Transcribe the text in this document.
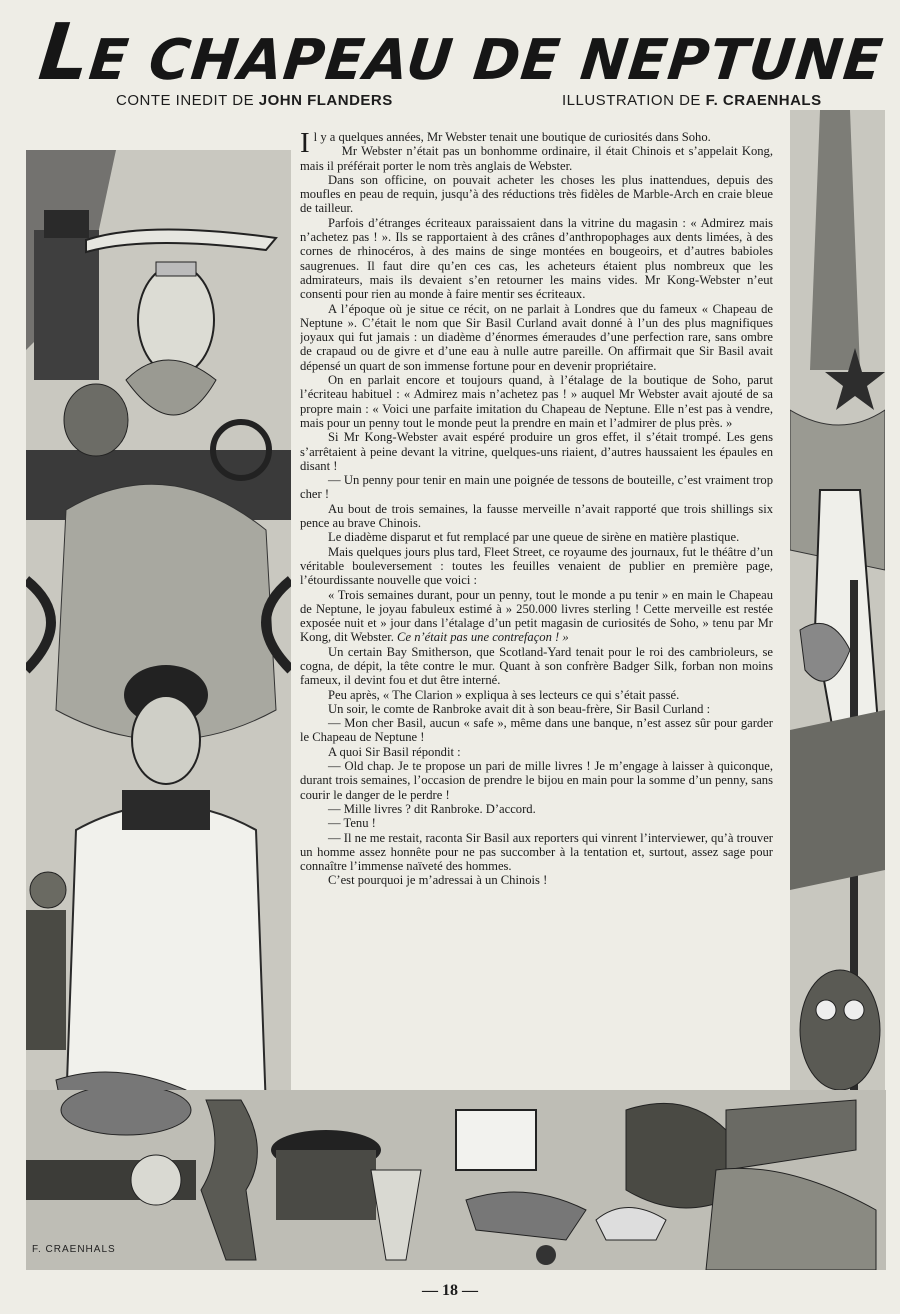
LE CHAPEAU DE NEPTUNE
CONTE INEDIT DE JOHN FLANDERS	ILLUSTRATION DE F. CRAENHALS
F. CRAENHALS

Il y a quelques années, Mr Webster tenait une boutique de curiosités dans Soho.

Mr Webster n’était pas un bonhomme ordinaire, il était Chinois et s’appelait Kong, mais il préférait porter le nom très anglais de Webster.

Dans son officine, on pouvait acheter les choses les plus inattendues, depuis des moufles en peau de requin, jusqu’à des réductions très fidèles de Marble-Arch en craie bleue de tailleur.

Parfois d’étranges écriteaux paraissaient dans la vitrine du magasin : « Admirez mais n’achetez pas ! ». Ils se rapportaient à des crânes d’anthropophages aux dents limées, à des cornes de rhinocéros, à des mains de singe montées en bougeoirs, et d’autres babioles saugrenues. Il faut dire qu’en ces cas, les acheteurs étaient plus nombreux que les admirateurs, mais ils devaient s’en retourner les mains vides. Mr Kong-Webster n’eut consenti pour rien au monde à faire mentir ses écriteaux.

A l’époque où je situe ce récit, on ne parlait à Londres que du fameux « Chapeau de Neptune ». C’était le nom que Sir Basil Curland avait donné à l’un des plus magnifiques joyaux qui fut jamais : un diadème d’énormes émeraudes d’une perfection rare, sans ombre de crapaud ou de givre et d’une eau à nulle autre pareille. On affirmait que Sir Basil avait dépensé un quart de son immense fortune pour en devenir propriétaire.

On en parlait encore et toujours quand, à l’étalage de la boutique de Soho, parut l’écriteau habituel : « Admirez mais n’achetez pas ! » auquel Mr Webster avait ajouté de sa propre main : « Voici une parfaite imitation du Chapeau de Neptune. Elle n’est pas à vendre, mais pour un penny tout le monde peut la prendre en main et l’admirer de plus près. »

Si Mr Kong-Webster avait espéré produire un gros effet, il s’était trompé. Les gens s’arrêtaient à peine devant la vitrine, quelques-uns riaient, d’autres haussaient les épaules en disant !

— Un penny pour tenir en main une poignée de tessons de bouteille, c’est vraiment trop cher !

Au bout de trois semaines, la fausse merveille n’avait rapporté que trois shillings six pence au brave Chinois.

Le diadème disparut et fut remplacé par une queue de sirène en matière plastique.

Mais quelques jours plus tard, Fleet Street, ce royaume des journaux, fut le théâtre d’un véritable bouleversement : toutes les feuilles venaient de publier en première page, l’étourdissante nouvelle que voici :

« Trois semaines durant, pour un penny, tout le monde a pu tenir » en main le Chapeau de Neptune, le joyau fabuleux estimé à » 250.000 livres sterling ! Cette merveille est restée exposée nuit et » jour dans l’étalage d’un petit magasin de curiosités de Soho, » tenu par Mr Kong, dit Webster. Ce n’était pas une contrefaçon ! »

Un certain Bay Smitherson, que Scotland-Yard tenait pour le roi des cambrioleurs, se cogna, de dépit, la tête contre le mur. Quant à son confrère Badger Silk, forban non moins fameux, il devint fou et dut être interné.

Peu après, « The Clarion » expliqua à ses lecteurs ce qui s’était passé.

Un soir, le comte de Ranbroke avait dit à son beau-frère, Sir Basil Curland :

— Mon cher Basil, aucun « safe », même dans une banque, n’est assez sûr pour garder le Chapeau de Neptune !

A quoi Sir Basil répondit :

— Old chap. Je te propose un pari de mille livres ! Je m’engage à laisser à quiconque, durant trois semaines, l’occasion de prendre le bijou en main pour la somme d’un penny, sans courir le danger de le perdre !

— Mille livres ? dit Ranbroke. D’accord.

— Tenu !

— Il ne me restait, raconta Sir Basil aux reporters qui vinrent l’interviewer, qu’à trouver un homme assez honnête pour ne pas succomber à la tentation et, surtout, assez sage pour connaître l’immense naïveté des hommes.

C’est pourquoi je m’adressai à un Chinois !

— 18 —
